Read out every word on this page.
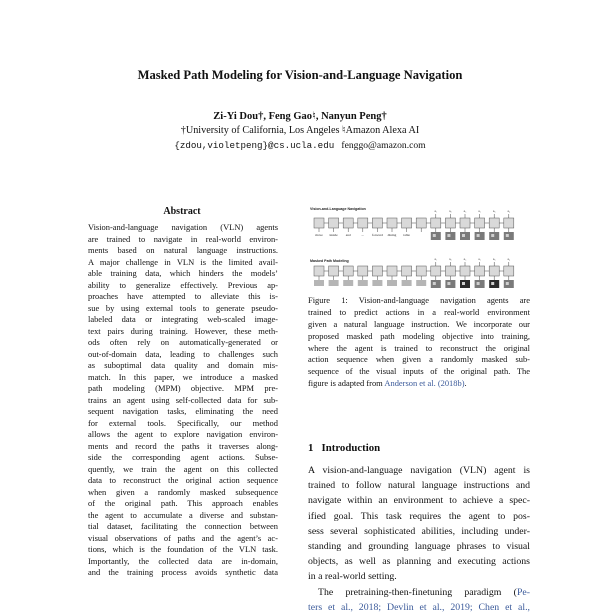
Masked Path Modeling for Vision-and-Language Navigation
Zi-Yi Dou†, Feng Gao♮, Nanyun Peng†
†University of California, Los Angeles ♮Amazon Alexa AI
{zdou,violetpeng}@cs.ucla.edu fenggo@amazon.com
Abstract
Vision-and-language navigation (VLN) agents
are trained to navigate in real-world environ-
ments based on natural language instructions.
A major challenge in VLN is the limited avail-
able training data, which hinders the models’
ability to generalize effectively. Previous ap-
proaches have attempted to alleviate this is-
sue by using external tools to generate pseudo-
labeled data or integrating web-scaled image-
text pairs during training. However, these meth-
ods often rely on automatically-generated or
out-of-domain data, leading to challenges such
as suboptimal data quality and domain mis-
match. In this paper, we introduce a masked
path modeling (MPM) objective. MPM pre-
trains an agent using self-collected data for sub-
sequent navigation tasks, eliminating the need
for external tools. Specifically, our method
allows the agent to explore navigation environ-
ments and record the paths it traverses along-
side the corresponding agent actions. Subse-
quently, we train the agent on this collected
data to reconstruct the original action sequence
when given a randomly masked subsequence
of the original path. This approach enables
the agent to accumulate a diverse and substan-
tial dataset, facilitating the connection between
visual observations of paths and the agent’s ac-
tions, which is the foundation of the VLN task.
Importantly, the collected data are in-domain,
and the training process avoids synthetic data
Vision-and-Language Navigation
Masked Path Modeling
move inside and	... forward dining table
a₁	a₂	a₃	a₄	a₅	a₆
a₁	a₂	a₃	a₄	a₅	a₆
Figure 1: Vision-and-language navigation agents are
trained to predict actions in a real-world environment
given a natural language instruction. We incorporate our
proposed masked path modeling objective into training,
where the agent is trained to reconstruct the original
action sequence when given a randomly masked sub-
sequence of the visual inputs of the original path. The
figure is adapted from Anderson et al. (2018b).
1 Introduction
A vision-and-language navigation (VLN) agent is
trained to follow natural language instructions and
navigate within an environment to achieve a spec-
ified goal. This task requires the agent to pos-
sess several sophisticated abilities, including under-
standing and grounding language phrases to visual
objects, as well as planning and executing actions
in a real-world setting.
The pretraining-then-finetuning paradigm (Pe-
ters et al., 2018; Devlin et al., 2019; Chen et al.,
